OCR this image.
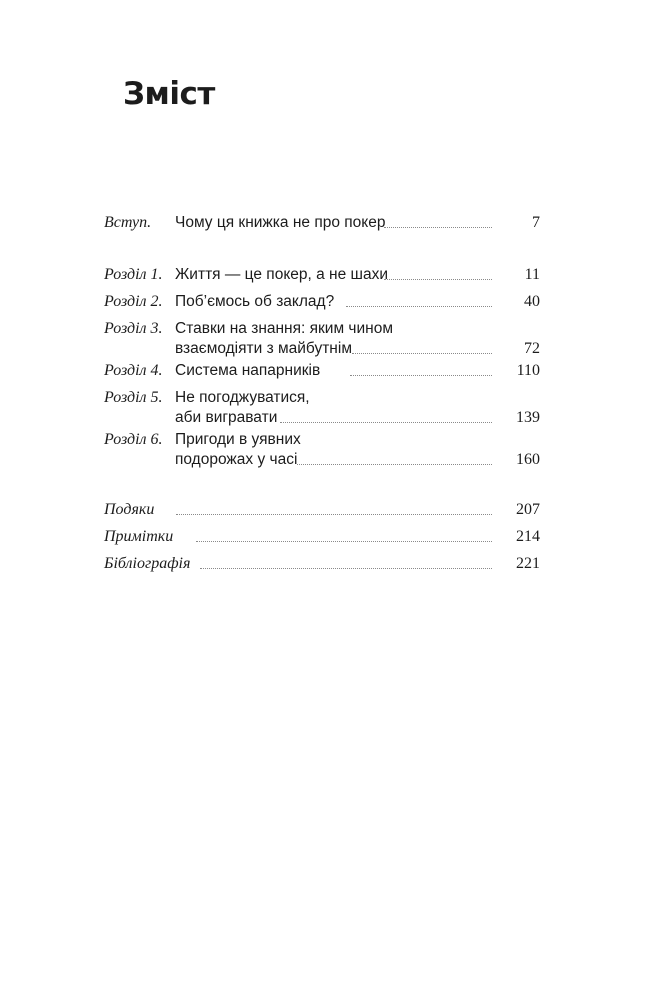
Зміст
Вступ. Чому ця книжка не про покер	7
Розділ 1. Життя — це покер, а не шахи	11
Розділ 2. Поб’ємось об заклад?	40
Розділ 3. Ставки на знання: яким чином
взаємодіяти з майбутнім	72
Розділ 4. Система напарників	110
Розділ 5. Не погоджуватися,
аби вигравати	139
Розділ 6. Пригоди в уявних
подорожах у часі	160
Подяки	207
Примітки	214
Бібліографія	221
